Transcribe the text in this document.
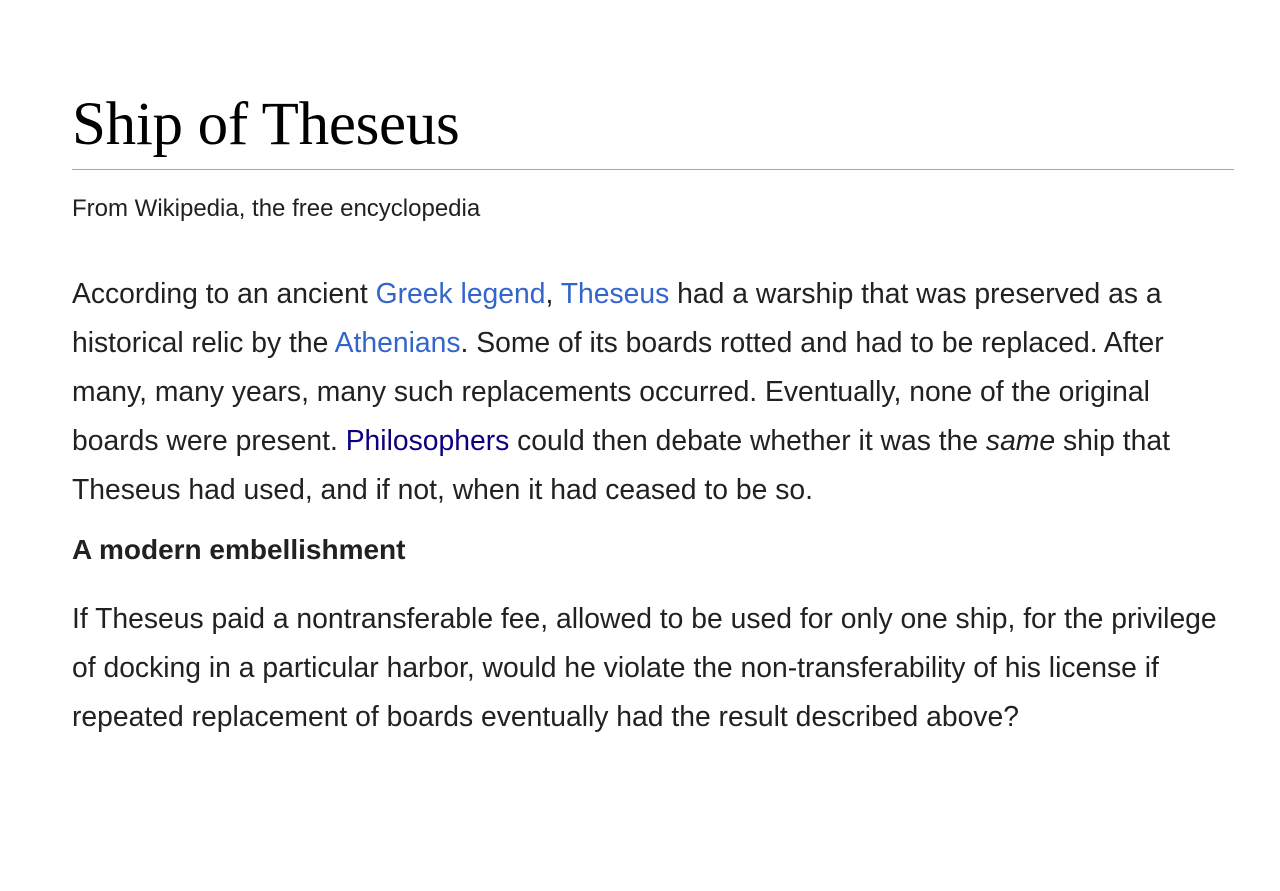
Ship of Theseus
From Wikipedia, the free encyclopedia

According to an ancient Greek legend, Theseus had a warship that was preserved as a historical relic by the Athenians. Some of its boards rotted and had to be replaced. After many, many years, many such replacements occurred. Eventually, none of the original boards were present. Philosophers could then debate whether it was the same ship that Theseus had used, and if not, when it had ceased to be so.

A modern embellishment

If Theseus paid a nontransferable fee, allowed to be used for only one ship, for the privilege of docking in a particular harbor, would he violate the non-transferability of his license if repeated replacement of boards eventually had the result described above?
